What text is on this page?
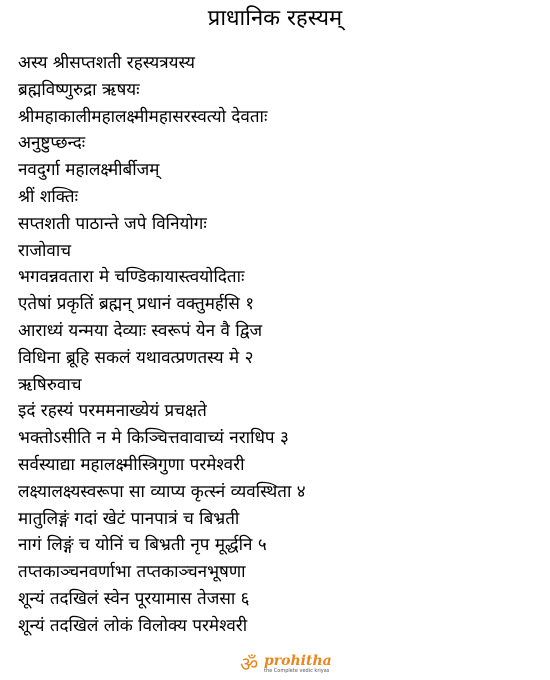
प्राधानिक रहस्यम्
अस्य श्रीसप्तशती रहस्यत्रयस्य
ब्रह्मविष्णुरुद्रा ऋषयः
श्रीमहाकालीमहालक्ष्मीमहासरस्वत्यो देवताः
अनुष्टुप्छन्दः
नवदुर्गा महालक्ष्मीर्बीजम्
श्रीं शक्तिः
सप्तशती पाठान्ते जपे विनियोगः
राजोवाच
भगवन्नवतारा मे चण्डिकायास्त्वयोदिताः
एतेषां प्रकृतिं ब्रह्मन् प्रधानं वक्तुमर्हसि १
आराध्यं यन्मया देव्याः स्वरूपं येन वै द्विज
विधिना ब्रूहि सकलं यथावत्प्रणतस्य मे २
ऋषिरुवाच
इदं रहस्यं परममनाख्येयं प्रचक्षते
भक्तोऽसीति न मे किञ्चित्तवावाच्यं नराधिप ३
सर्वस्याद्या महालक्ष्मीस्त्रिगुणा परमेश्वरी
लक्ष्यालक्ष्यस्वरूपा सा व्याप्य कृत्स्नं व्यवस्थिता ४
मातुलिङ्गं गदां खेटं पानपात्रं च बिभ्रती
नागं लिङ्गं च योनिं च बिभ्रती नृप मूर्द्धनि ५
तप्तकाञ्चनवर्णाभा तप्तकाञ्चनभूषणा
शून्यं तदखिलं स्वेन पूरयामास तेजसा ६
शून्यं तदखिलं लोकं विलोक्य परमेश्वरी
ॐ prohitha
the Complete vedic kriyas
